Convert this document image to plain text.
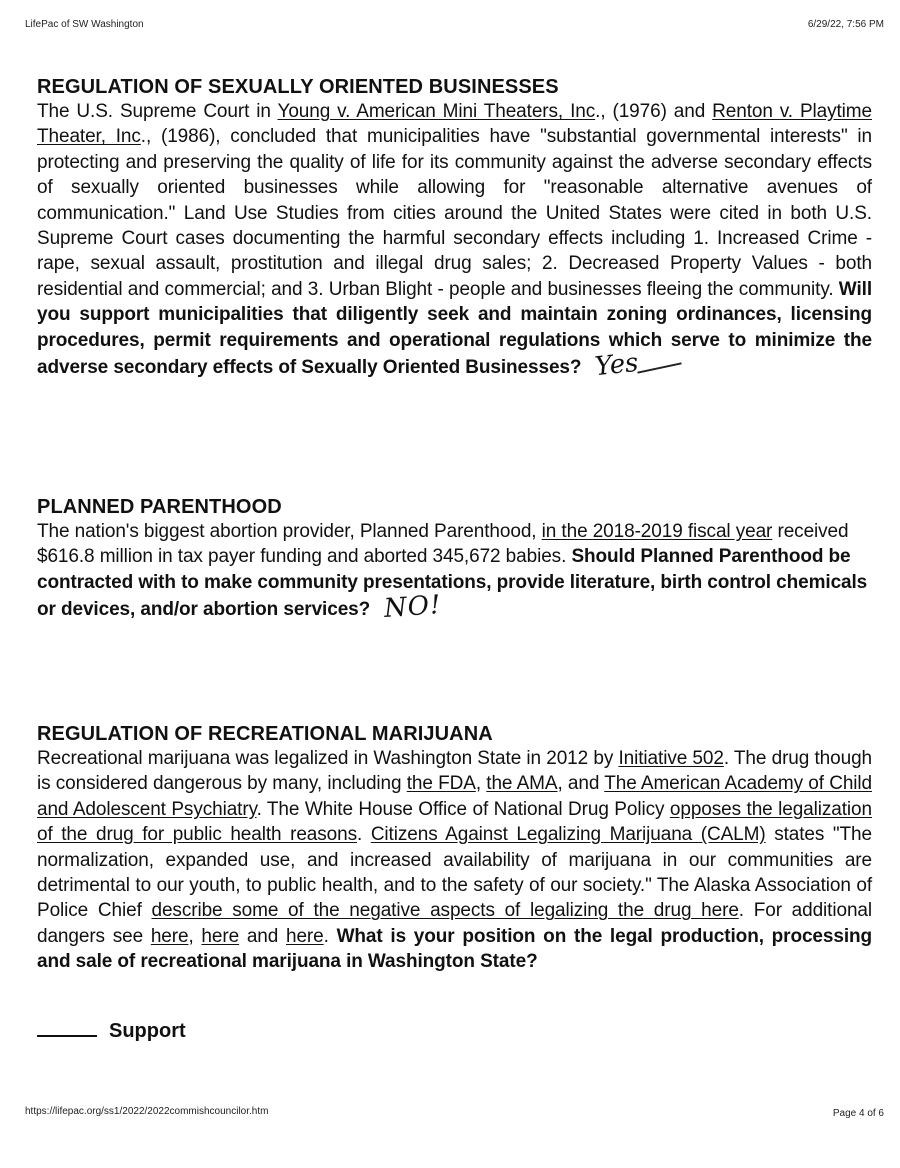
LifePac of SW Washington	6/29/22, 7:56 PM
REGULATION OF SEXUALLY ORIENTED BUSINESSES

The U.S. Supreme Court in Young v. American Mini Theaters, Inc., (1976) and Renton v. Playtime Theater, Inc., (1986), concluded that municipalities have "substantial governmental interests" in protecting and preserving the quality of life for its community against the adverse secondary effects of sexually oriented businesses while allowing for "reasonable alternative avenues of communication." Land Use Studies from cities around the United States were cited in both U.S. Supreme Court cases documenting the harmful secondary effects including 1. Increased Crime - rape, sexual assault, prostitution and illegal drug sales; 2. Decreased Property Values - both residential and commercial; and 3. Urban Blight - people and businesses fleeing the community. Will you support municipalities that diligently seek and maintain zoning ordinances, licensing procedures, permit requirements and operational regulations which serve to minimize the adverse secondary effects of Sexually Oriented Businesses? Yes

PLANNED PARENTHOOD

The nation's biggest abortion provider, Planned Parenthood, in the 2018-2019 fiscal year received $616.8 million in tax payer funding and aborted 345,672 babies. Should Planned Parenthood be contracted with to make community presentations, provide literature, birth control chemicals or devices, and/or abortion services? NO!

REGULATION OF RECREATIONAL MARIJUANA

Recreational marijuana was legalized in Washington State in 2012 by Initiative 502. The drug though is considered dangerous by many, including the FDA, the AMA, and The American Academy of Child and Adolescent Psychiatry. The White House Office of National Drug Policy opposes the legalization of the drug for public health reasons. Citizens Against Legalizing Marijuana (CALM) states "The normalization, expanded use, and increased availability of marijuana in our communities are detrimental to our youth, to public health, and to the safety of our society." The Alaska Association of Police Chief describe some of the negative aspects of legalizing the drug here. For additional dangers see here, here and here. What is your position on the legal production, processing and sale of recreational marijuana in Washington State?

Support
https://lifepac.org/ss1/2022/2022commishcouncilor.htm	Page 4 of 6
